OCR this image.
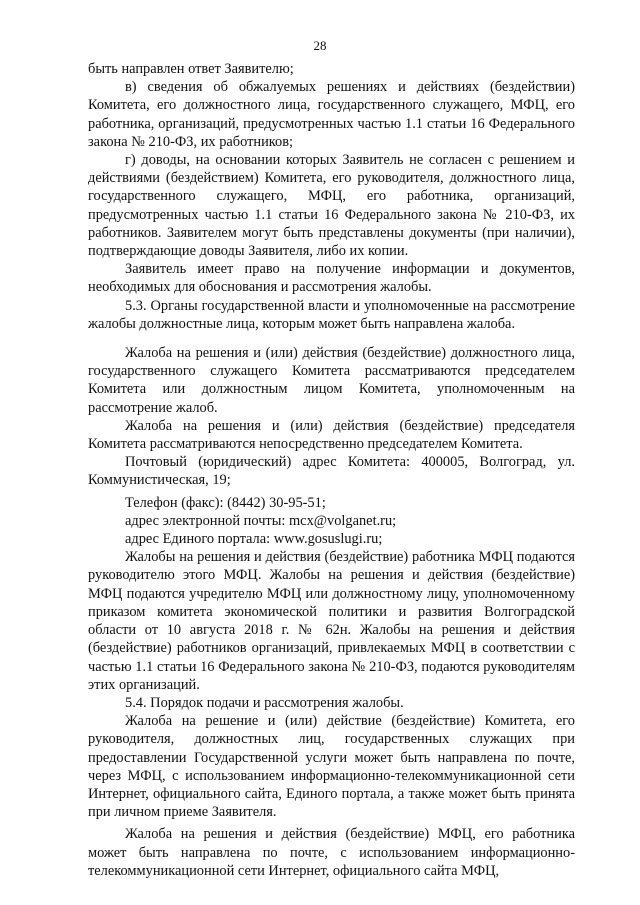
28

быть направлен ответ Заявителю;

в) сведения об обжалуемых решениях и действиях (бездействии) Комитета, его должностного лица, государственного служащего, МФЦ, его работника, организаций, предусмотренных частью 1.1 статьи 16 Федерального закона № 210-ФЗ, их работников;

г) доводы, на основании которых Заявитель не согласен с решением и действиями (бездействием) Комитета, его руководителя, должностного лица, государственного служащего, МФЦ, его работника, организаций, предусмотренных частью 1.1 статьи 16 Федерального закона № 210-ФЗ, их работников. Заявителем могут быть представлены документы (при наличии), подтверждающие доводы Заявителя, либо их копии.

Заявитель имеет право на получение информации и документов, необходимых для обоснования и рассмотрения жалобы.

5.3. Органы государственной власти и уполномоченные на рассмотрение жалобы должностные лица, которым может быть направлена жалоба.

Жалоба на решения и (или) действия (бездействие) должностного лица, государственного служащего Комитета рассматриваются председателем Комитета или должностным лицом Комитета, уполномоченным на рассмотрение жалоб.

Жалоба на решения и (или) действия (бездействие) председателя Комитета рассматриваются непосредственно председателем Комитета.

Почтовый (юридический) адрес Комитета: 400005, Волгоград, ул. Коммунистическая, 19;

Телефон (факс): (8442) 30-95-51;

адрес электронной почты: mcx@volganet.ru;

адрес Единого портала: www.gosuslugi.ru;

Жалобы на решения и действия (бездействие) работника МФЦ подаются руководителю этого МФЦ. Жалобы на решения и действия (бездействие) МФЦ подаются учредителю МФЦ или должностному лицу, уполномоченному приказом комитета экономической политики и развития Волгоградской области от 10 августа 2018 г. № 62н. Жалобы на решения и действия (бездействие) работников организаций, привлекаемых МФЦ в соответствии с частью 1.1 статьи 16 Федерального закона № 210-ФЗ, подаются руководителям этих организаций.

5.4. Порядок подачи и рассмотрения жалобы.

Жалоба на решение и (или) действие (бездействие) Комитета, его руководителя, должностных лиц, государственных служащих при предоставлении Государственной услуги может быть направлена по почте, через МФЦ, с использованием информационно-телекоммуникационной сети Интернет, официального сайта, Единого портала, а также может быть принята при личном приеме Заявителя.

Жалоба на решения и действия (бездействие) МФЦ, его работника может быть направлена по почте, с использованием информационно-телекоммуникационной сети Интернет, официального сайта МФЦ,
